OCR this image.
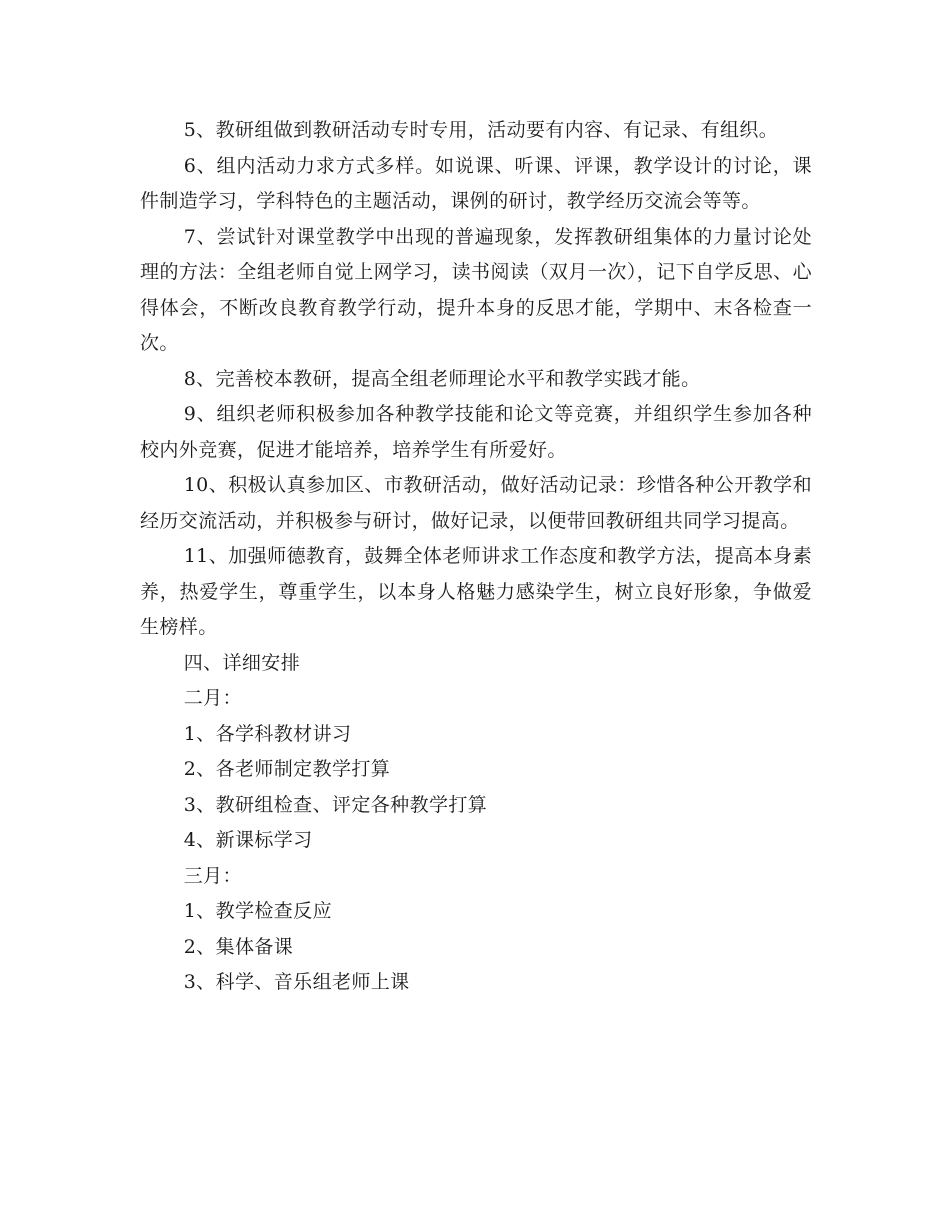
5、教研组做到教研活动专时专用，活动要有内容、有记录、有组织。

6、组内活动力求方式多样。如说课、听课、评课，教学设计的讨论，课件制造学习，学科特色的主题活动，课例的研讨，教学经历交流会等等。

7、尝试针对课堂教学中出现的普遍现象，发挥教研组集体的力量讨论处理的方法：全组老师自觉上网学习，读书阅读（双月一次），记下自学反思、心得体会，不断改良教育教学行动，提升本身的反思才能，学期中、末各检查一次。

8、完善校本教研，提高全组老师理论水平和教学实践才能。

9、组织老师积极参加各种教学技能和论文等竞赛，并组织学生参加各种校内外竞赛，促进才能培养，培养学生有所爱好。

10、积极认真参加区、市教研活动，做好活动记录：珍惜各种公开教学和经历交流活动，并积极参与研讨，做好记录，以便带回教研组共同学习提高。

11、加强师德教育，鼓舞全体老师讲求工作态度和教学方法，提高本身素养，热爱学生，尊重学生，以本身人格魅力感染学生，树立良好形象，争做爱生榜样。

四、详细安排

二月：

1、各学科教材讲习

2、各老师制定教学打算

3、教研组检查、评定各种教学打算

4、新课标学习

三月：

1、教学检查反应

2、集体备课

3、科学、音乐组老师上课
